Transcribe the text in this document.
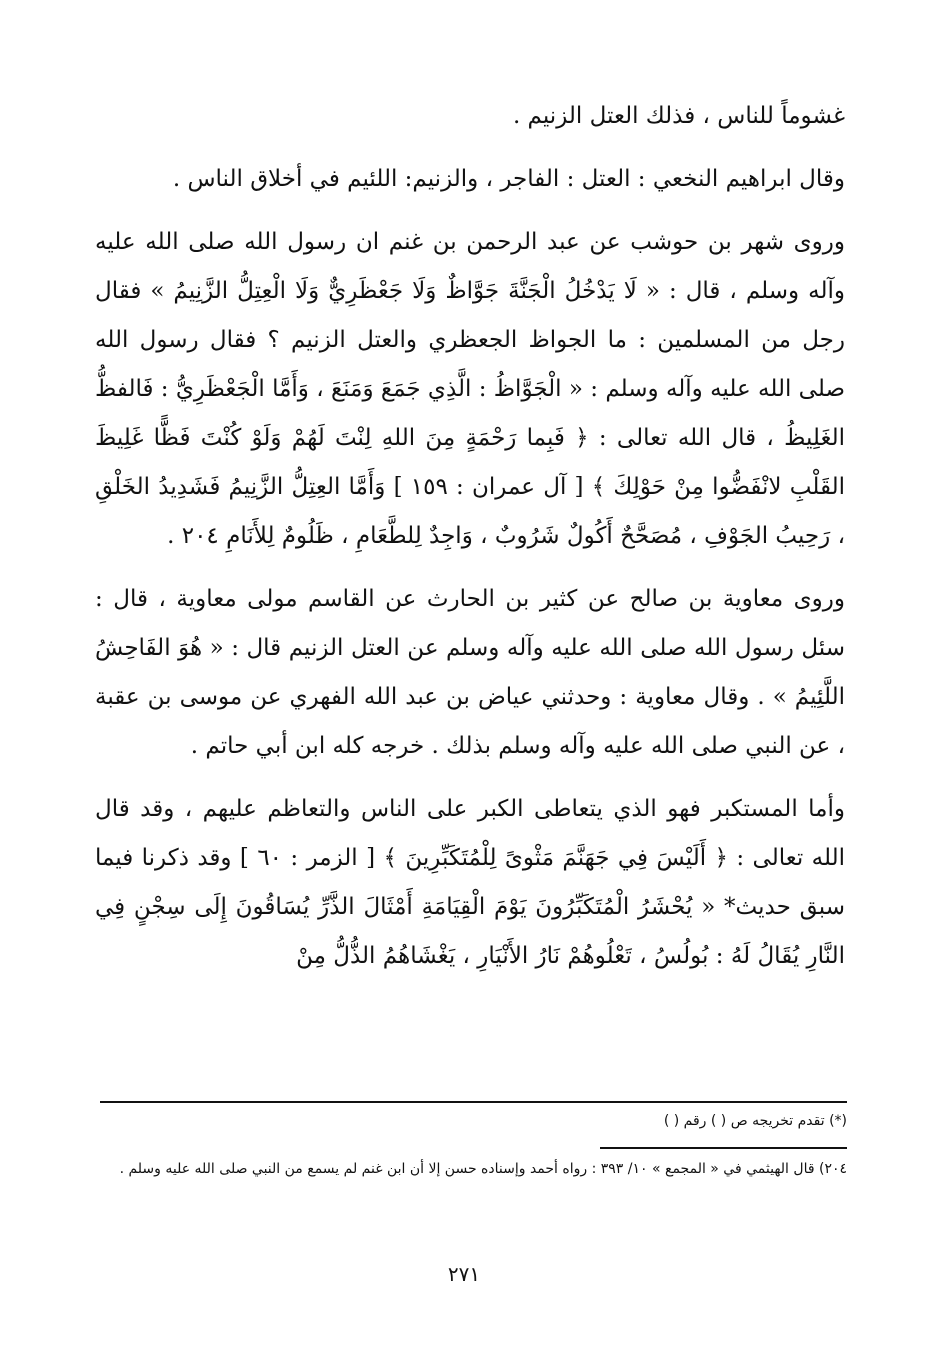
غشوماً للناس ، فذلك العتل الزنيم .

وقال ابراهيم النخعي : العتل : الفاجر ، والزنيم: اللئيم في أخلاق الناس .

وروى شهر بن حوشب عن عبد الرحمن بن غنم ان رسول الله صلى الله عليه وآله وسلم ، قال : « لَا يَدْخُلُ الْجَنَّةَ جَوَّاظٌ وَلَا جَعْظَرِيٌّ وَلَا الْعِتِلُّ الزَّنِيمُ » فقال رجل من المسلمين : ما الجواظ الجعظري والعتل الزنيم ؟ فقال رسول الله صلى الله عليه وآله وسلم : « الْجَوَّاظُ : الَّذِي جَمَعَ وَمَنَعَ ، وَأَمَّا الْجَعْظَرِيُّ : فَالفظُّ الغَلِيظُ ، قال الله تعالى : ﴿ فَبِما رَحْمَةٍ مِنَ اللهِ لِنْتَ لَهُمْ وَلَوْ كُنْتَ فَظًّا غَلِيظَ القَلْبِ لانْفَضُّوا مِنْ حَوْلِكَ ﴾ [ آل عمران : ١٥٩ ] وَأَمَّا العِتِلُّ الزَّنِيمُ فَشَدِيدُ الخَلْقِ ، رَحِيبُ الجَوْفِ ، مُصَحَّحٌ أَكُولٌ شَرُوبٌ ، وَاجِدٌ لِلطَّعَامِ ، ظَلُومٌ لِلأَنَامِ ٢٠٤ .

وروى معاوية بن صالح عن كثير بن الحارث عن القاسم مولى معاوية ، قال : سئل رسول الله صلى الله عليه وآله وسلم عن العتل الزنيم قال : « هُوَ الفَاحِشُ اللَّئِيمُ » . وقال معاوية : وحدثني عياض بن عبد الله الفهري عن موسى بن عقبة ، عن النبي صلى الله عليه وآله وسلم بذلك . خرجه كله ابن أبي حاتم .

وأما المستكبر فهو الذي يتعاطى الكبر على الناس والتعاظم عليهم ، وقد قال الله تعالى : ﴿ أَلَيْسَ فِي جَهَنَّمَ مَثْوىً لِلْمُتَكَبِّرِينَ ﴾ [ الزمر : ٦٠ ] وقد ذكرنا فيما سبق حديث* « يُحْشَرُ الْمُتَكَبِّرُونَ يَوْمَ الْقِيَامَةِ أَمْثَالَ الذَّرِّ يُسَاقُونَ إِلَى سِجْنٍ فِي النَّارِ يُقَالُ لَهُ : بُولُسُ ، تَعْلُوهُمْ نَارُ الأَنْيَارِ ، يَغْشَاهُمُ الذُّلُّ مِنْ

(*) تقدم تخريجه ص ( ) رقم ( )
٢٠٤) قال الهيثمي في « المجمع » ١٠/ ٣٩٣ : رواه أحمد وإسناده حسن إلا أن ابن غنم لم يسمع من النبي صلى الله عليه وسلم .
٢٧١
